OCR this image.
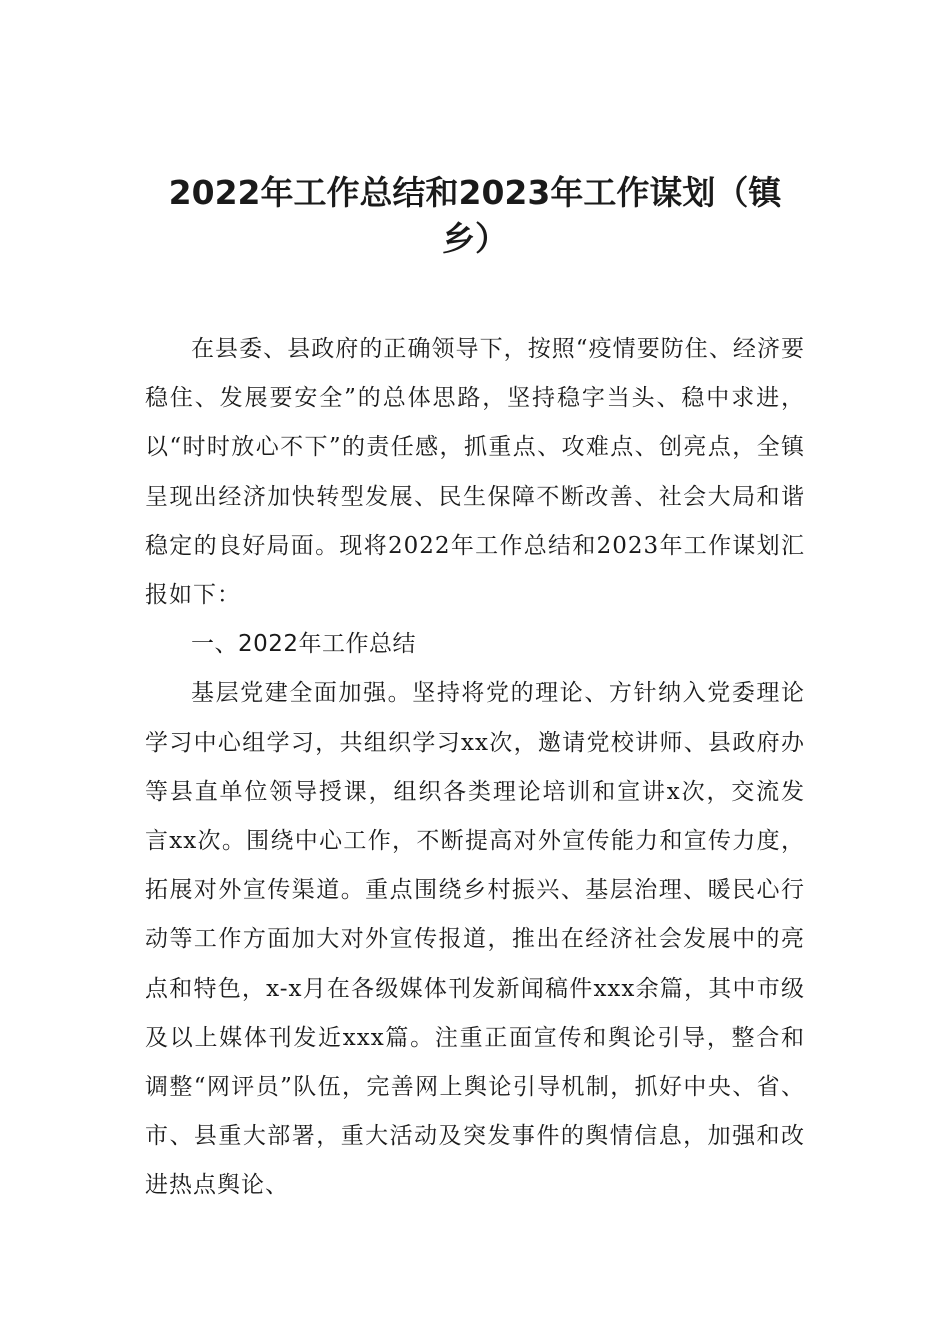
2022年工作总结和2023年工作谋划（镇乡）

在县委、县政府的正确领导下，按照“疫情要防住、经济要稳住、发展要安全”的总体思路，坚持稳字当头、稳中求进，以“时时放心不下”的责任感，抓重点、攻难点、创亮点，全镇呈现出经济加快转型发展、民生保障不断改善、社会大局和谐稳定的良好局面。现将2022年工作总结和2023年工作谋划汇报如下：

一、2022年工作总结

基层党建全面加强。坚持将党的理论、方针纳入党委理论学习中心组学习，共组织学习xx次，邀请党校讲师、县政府办等县直单位领导授课，组织各类理论培训和宣讲x次，交流发言xx次。围绕中心工作，不断提高对外宣传能力和宣传力度，拓展对外宣传渠道。重点围绕乡村振兴、基层治理、暖民心行动等工作方面加大对外宣传报道，推出在经济社会发展中的亮点和特色，x-x月在各级媒体刊发新闻稿件xxx余篇，其中市级及以上媒体刊发近xxx篇。注重正面宣传和舆论引导，整合和调整“网评员”队伍，完善网上舆论引导机制，抓好中央、省、市、县重大部署，重大活动及突发事件的舆情信息，加强和改进热点舆论、
